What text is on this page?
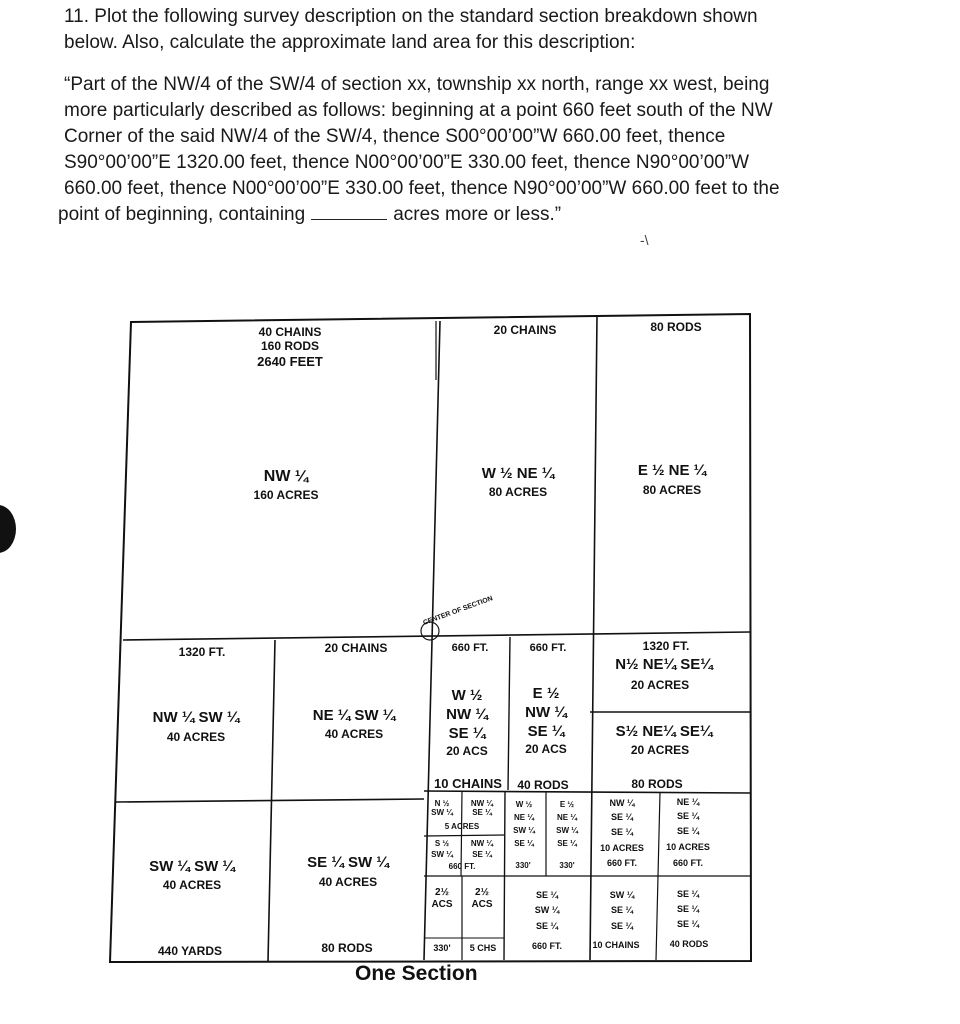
11. Plot the following survey description on the standard section breakdown shown
below. Also, calculate the approximate land area for this description:
“Part of the NW/4 of the SW/4 of section xx, township xx north, range xx west, being
more particularly described as follows: beginning at a point 660 feet south of the NW
Corner of the said NW/4 of the SW/4, thence S00°00’00”W 660.00 feet, thence
S90°00’00”E 1320.00 feet, thence N00°00’00”E 330.00 feet, thence N90°00’00”W
660.00 feet, thence N00°00’00”E 330.00 feet, thence N90°00’00”W 660.00 feet to the
point of beginning, containing	acres more or less.”
-\
CENTER OF SECTION
40 CHAINS
160 RODS
2640 FEET
20 CHAINS	80 RODS
NW ¼
160 ACRES
W ½ NE ¼
80 ACRES
E ½ NE ¼
80 ACRES
1320 FT.	20 CHAINS	660 FT.	660 FT.	1320 FT.
NW ¼ SW ¼
40 ACRES
NE ¼ SW ¼
40 ACRES
W ½
NW ¼
SE ¼
20 ACS
E ½
NW ¼
SE ¼
20 ACS
N½ NE¼ SE¼
20 ACRES
S½ NE¼ SE¼
20 ACRES
10 CHAINS 40 RODS	80 RODS
N ½
SW ¼
5 ACRES
NW ¼
SE ¼
S ½
SW ¼
660 FT.
NW ¼
SE ¼
W ½
NE ¼
SW ¼
SE ¼
E ½
NE ¼
SW ¼
SE ¼
330'	330'
NW ¼
SE ¼
SE ¼
10 ACRES
660 FT.
NE ¼
SE ¼
SE ¼
10 ACRES
660 FT.
SW ¼ SW ¼
40 ACRES
SE ¼ SW ¼
40 ACRES
2½
ACS
2½
ACS
SE ¼
SW ¼
SE ¼
SW ¼
SE ¼
SE ¼
SE ¼
SE ¼
SE ¼
440 YARDS	80 RODS	330' 5 CHS	660 FT.	10 CHAINS	40 RODS
One Section
